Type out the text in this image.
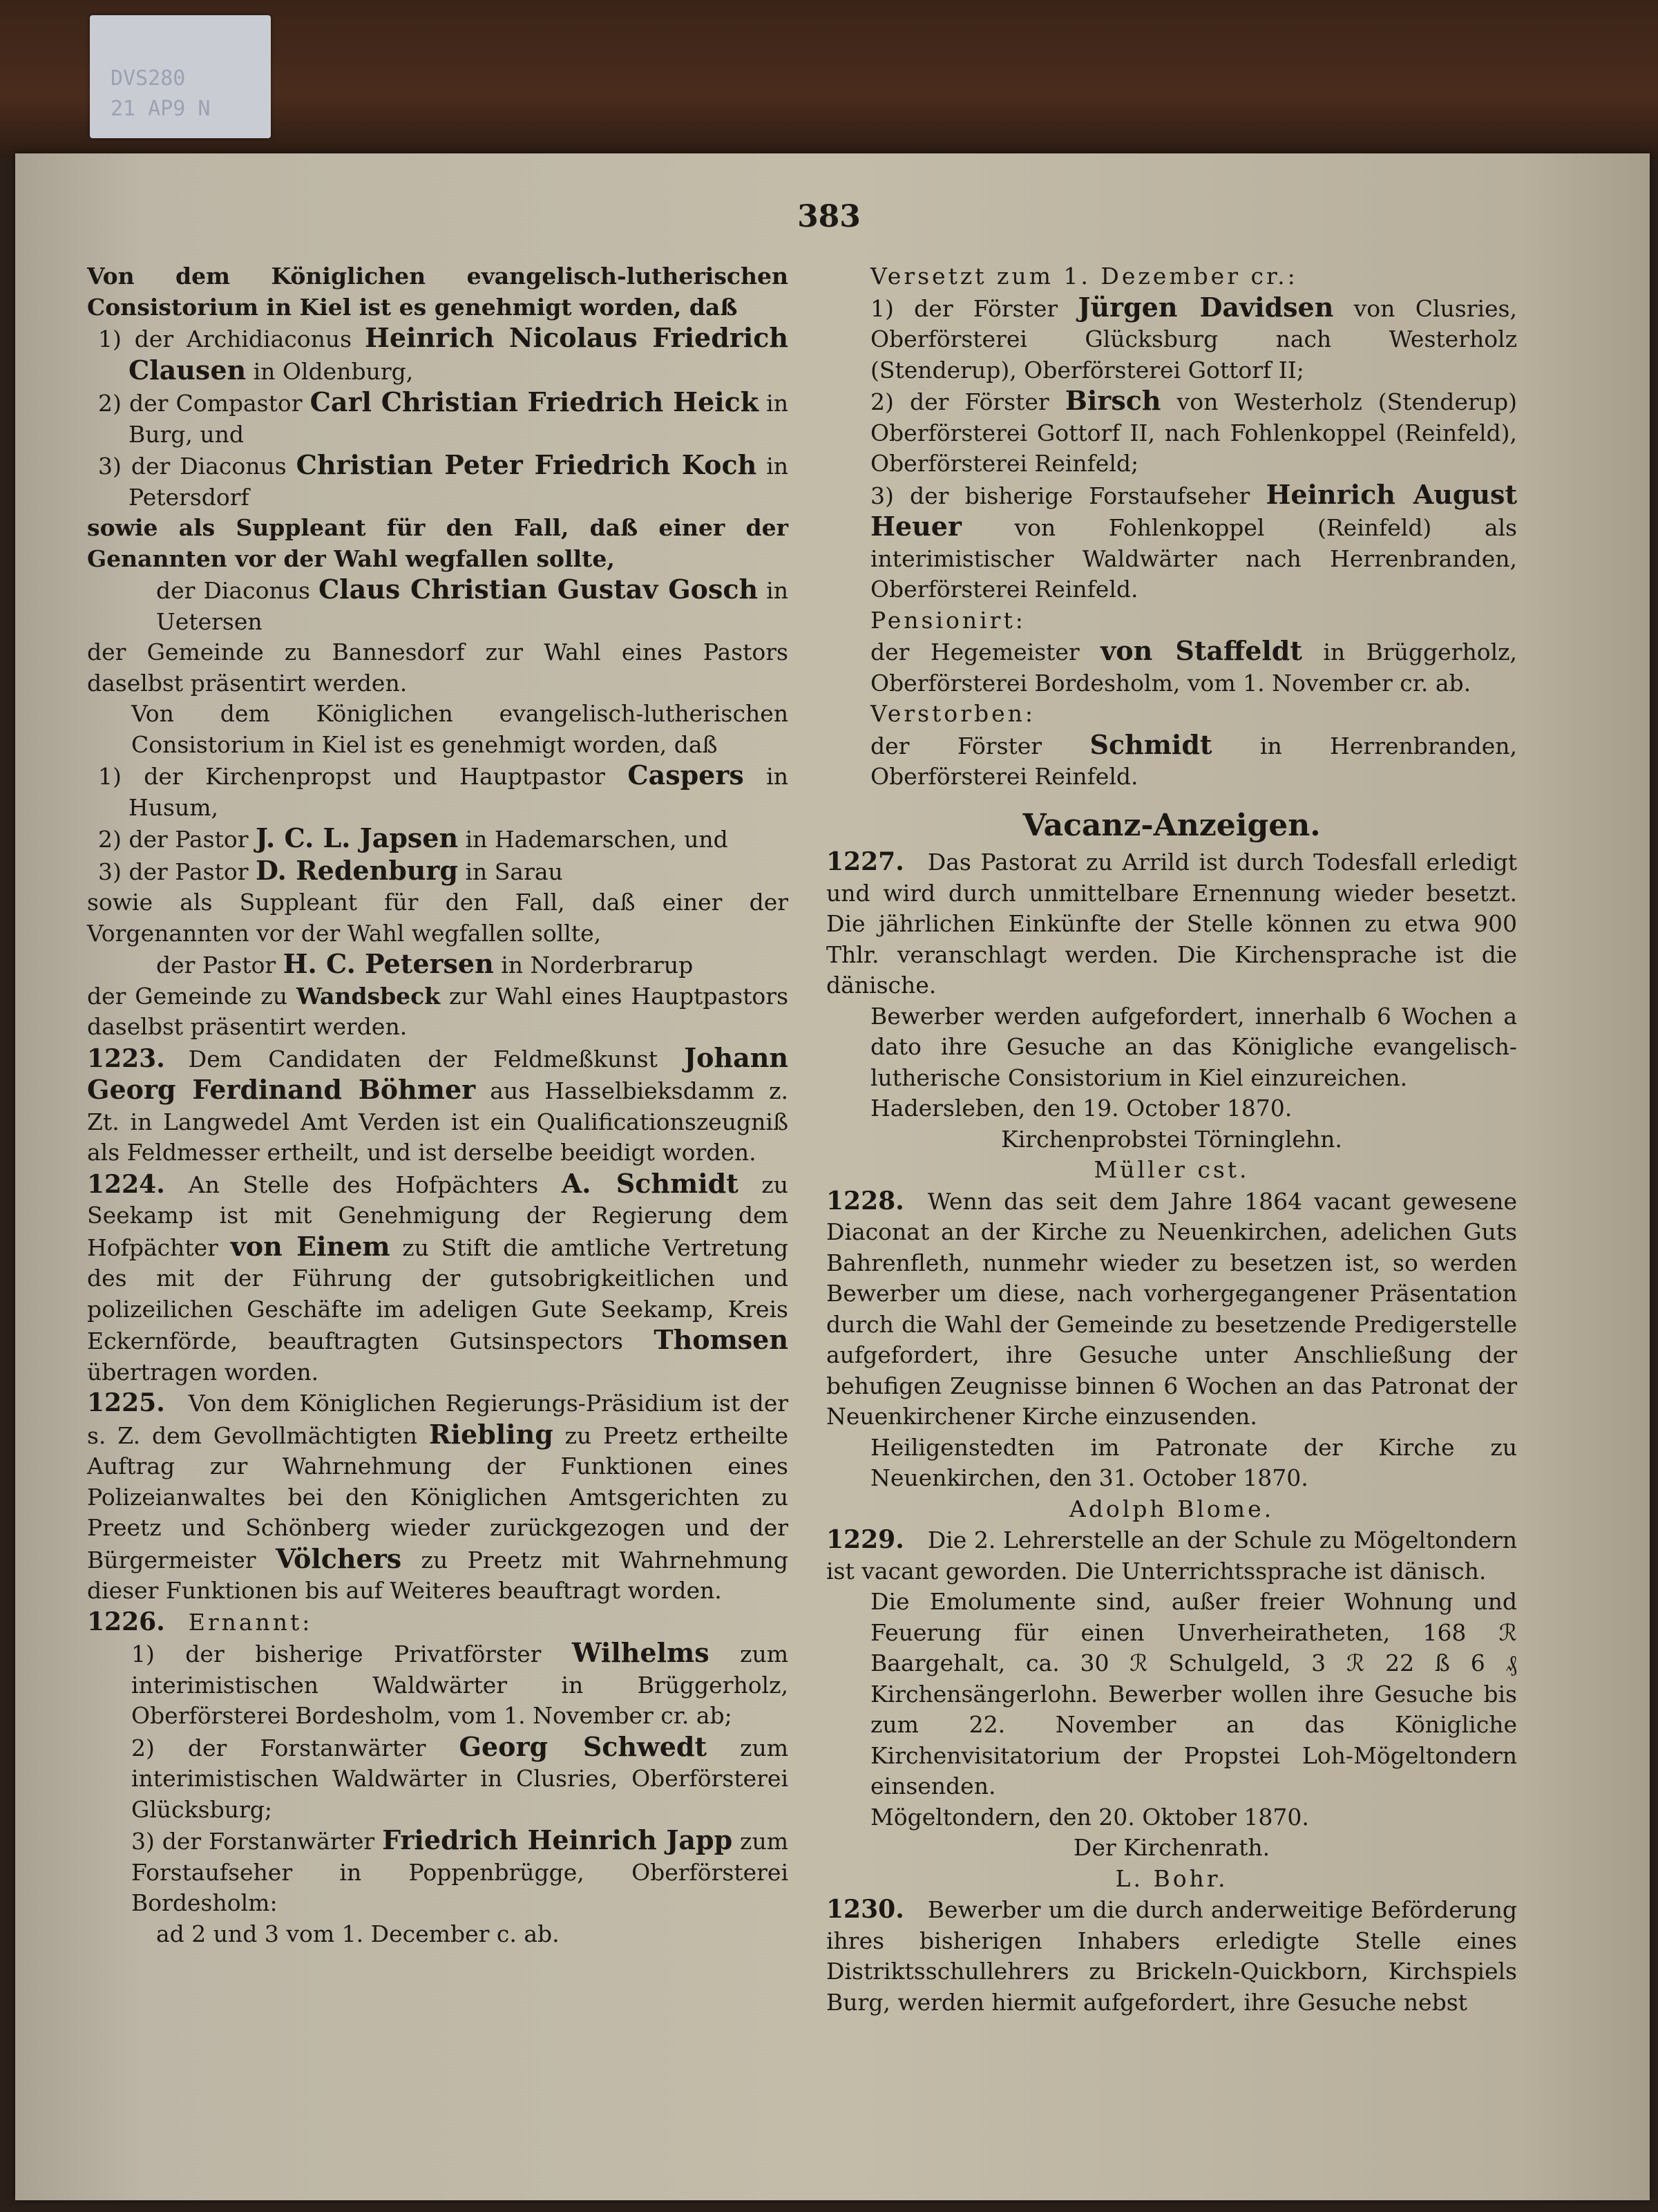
DVS280
21 AP9 N
383

Von dem Königlichen evangelisch-lutherischen Consistorium in Kiel ist es genehmigt worden, daß

1) der Archidiaconus Heinrich Nicolaus Friedrich Clausen in Oldenburg,

2) der Compastor Carl Christian Friedrich Heick in Burg, und

3) der Diaconus Christian Peter Friedrich Koch in Petersdorf

sowie als Suppleant für den Fall, daß einer der Genannten vor der Wahl wegfallen sollte,

der Diaconus Claus Christian Gustav Gosch in Uetersen

der Gemeinde zu Bannesdorf zur Wahl eines Pastors daselbst präsentirt werden.

Von dem Königlichen evangelisch-lutherischen Consistorium in Kiel ist es genehmigt worden, daß

1) der Kirchenpropst und Hauptpastor Caspers in Husum,

2) der Pastor J. C. L. Japsen in Hademarschen, und

3) der Pastor D. Redenburg in Sarau

sowie als Suppleant für den Fall, daß einer der Vorgenannten vor der Wahl wegfallen sollte,

der Pastor H. C. Petersen in Norderbrarup

der Gemeinde zu Wandsbeck zur Wahl eines Hauptpastors daselbst präsentirt werden.

1223. Dem Candidaten der Feldmeßkunst Johann Georg Ferdinand Böhmer aus Hasselbieksdamm z. Zt. in Langwedel Amt Verden ist ein Qualificationszeugniß als Feldmesser ertheilt, und ist derselbe beeidigt worden.

1224. An Stelle des Hofpächters A. Schmidt zu Seekamp ist mit Genehmigung der Regierung dem Hofpächter von Einem zu Stift die amtliche Vertretung des mit der Führung der gutsobrigkeitlichen und polizeilichen Geschäfte im adeligen Gute Seekamp, Kreis Eckernförde, beauftragten Gutsinspectors Thomsen übertragen worden.

1225. Von dem Königlichen Regierungs-Präsidium ist der s. Z. dem Gevollmächtigten Riebling zu Preetz ertheilte Auftrag zur Wahrnehmung der Funktionen eines Polizeianwaltes bei den Königlichen Amtsgerichten zu Preetz und Schönberg wieder zurückgezogen und der Bürgermeister Völchers zu Preetz mit Wahrnehmung dieser Funktionen bis auf Weiteres beauftragt worden.

1226. Ernannt:

1) der bisherige Privatförster Wilhelms zum interimistischen Waldwärter in Brüggerholz, Oberförsterei Bordesholm, vom 1. November cr. ab;

2) der Forstanwärter Georg Schwedt zum interimistischen Waldwärter in Clusries, Oberförsterei Glücksburg;

3) der Forstanwärter Friedrich Heinrich Japp zum Forstaufseher in Poppenbrügge, Oberförsterei Bordesholm:

ad 2 und 3 vom 1. December c. ab.

Versetzt zum 1. Dezember cr.:

1) der Förster Jürgen Davidsen von Clusries, Oberförsterei Glücksburg nach Westerholz (Stenderup), Oberförsterei Gottorf II;

2) der Förster Birsch von Westerholz (Stenderup) Oberförsterei Gottorf II, nach Fohlenkoppel (Reinfeld), Oberförsterei Reinfeld;

3) der bisherige Forstaufseher Heinrich August Heuer von Fohlenkoppel (Reinfeld) als interimistischer Waldwärter nach Herrenbranden, Oberförsterei Reinfeld.

Pensionirt:

der Hegemeister von Staffeldt in Brüggerholz, Oberförsterei Bordesholm, vom 1. November cr. ab.

Verstorben:

der Förster Schmidt in Herrenbranden, Oberförsterei Reinfeld.

Vacanz-Anzeigen.

1227. Das Pastorat zu Arrild ist durch Todesfall erledigt und wird durch unmittelbare Ernennung wieder besetzt. Die jährlichen Einkünfte der Stelle können zu etwa 900 Thlr. veranschlagt werden. Die Kirchensprache ist die dänische.

Bewerber werden aufgefordert, innerhalb 6 Wochen a dato ihre Gesuche an das Königliche evangelisch-lutherische Consistorium in Kiel einzureichen.

Hadersleben, den 19. October 1870.

Kirchenprobstei Törninglehn.

Müller cst.

1228. Wenn das seit dem Jahre 1864 vacant gewesene Diaconat an der Kirche zu Neuenkirchen, adelichen Guts Bahrenfleth, nunmehr wieder zu besetzen ist, so werden Bewerber um diese, nach vorhergegangener Präsentation durch die Wahl der Gemeinde zu besetzende Predigerstelle aufgefordert, ihre Gesuche unter Anschließung der behufigen Zeugnisse binnen 6 Wochen an das Patronat der Neuenkirchener Kirche einzusenden.

Heiligenstedten im Patronate der Kirche zu Neuenkirchen, den 31. October 1870.

Adolph Blome.

1229. Die 2. Lehrerstelle an der Schule zu Mögeltondern ist vacant geworden. Die Unterrichtssprache ist dänisch.

Die Emolumente sind, außer freier Wohnung und Feuerung für einen Unverheiratheten, 168 ℛ Baargehalt, ca. 30 ℛ Schulgeld, 3 ℛ 22 ß 6 ₰ Kirchensängerlohn. Bewerber wollen ihre Gesuche bis zum 22. November an das Königliche Kirchenvisitatorium der Propstei Loh-Mögeltondern einsenden.

Mögeltondern, den 20. Oktober 1870.

Der Kirchenrath.

L. Bohr.

1230. Bewerber um die durch anderweitige Beförderung ihres bisherigen Inhabers erledigte Stelle eines Distriktsschullehrers zu Brickeln-Quickborn, Kirchspiels Burg, werden hiermit aufgefordert, ihre Gesuche nebst
